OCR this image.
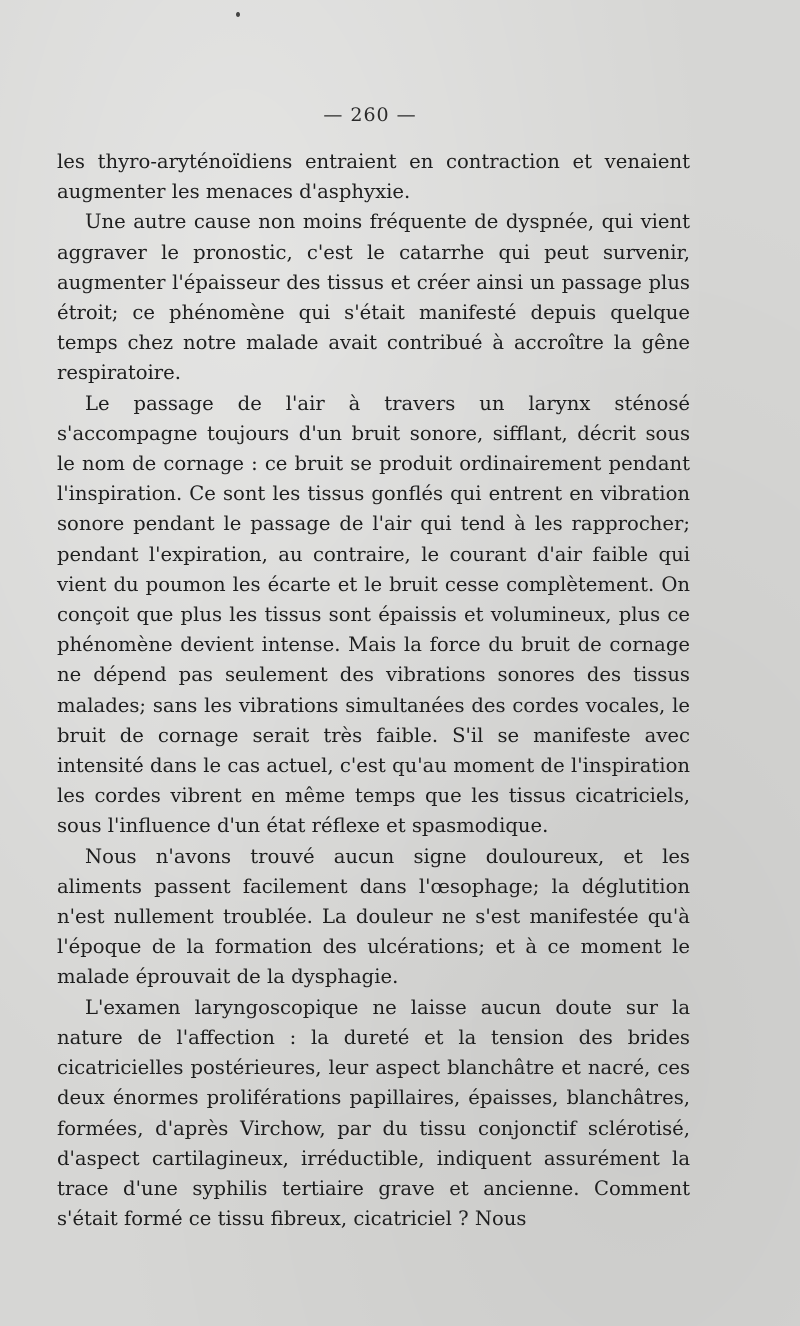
— 260 —

les thyro-aryténoïdiens entraient en contraction et venaient augmenter les menaces d'asphyxie.

Une autre cause non moins fréquente de dyspnée, qui vient aggraver le pronostic, c'est le catarrhe qui peut survenir, augmenter l'épaisseur des tissus et créer ainsi un passage plus étroit; ce phénomène qui s'était manifesté depuis quelque temps chez notre malade avait contribué à accroître la gêne respiratoire.

Le passage de l'air à travers un larynx sténosé s'accompagne toujours d'un bruit sonore, sifflant, décrit sous le nom de cornage : ce bruit se produit ordinairement pendant l'inspiration. Ce sont les tissus gonflés qui entrent en vibration sonore pendant le passage de l'air qui tend à les rapprocher; pendant l'expiration, au contraire, le courant d'air faible qui vient du poumon les écarte et le bruit cesse complètement. On conçoit que plus les tissus sont épaissis et volumineux, plus ce phénomène devient intense. Mais la force du bruit de cornage ne dépend pas seulement des vibrations sonores des tissus malades; sans les vibrations simultanées des cordes vocales, le bruit de cornage serait très faible. S'il se manifeste avec intensité dans le cas actuel, c'est qu'au moment de l'inspiration les cordes vibrent en même temps que les tissus cicatriciels, sous l'influence d'un état réflexe et spasmodique.

Nous n'avons trouvé aucun signe douloureux, et les aliments passent facilement dans l'œsophage; la déglutition n'est nullement troublée. La douleur ne s'est manifestée qu'à l'époque de la formation des ulcérations; et à ce moment le malade éprouvait de la dysphagie.

L'examen laryngoscopique ne laisse aucun doute sur la nature de l'affection : la dureté et la tension des brides cicatricielles postérieures, leur aspect blanchâtre et nacré, ces deux énormes proliférations papillaires, épaisses, blanchâtres, formées, d'après Virchow, par du tissu conjonctif sclérotisé, d'aspect cartilagineux, irréductible, indiquent assurément la trace d'une syphilis tertiaire grave et ancienne. Comment s'était formé ce tissu fibreux, cicatriciel ? Nous
